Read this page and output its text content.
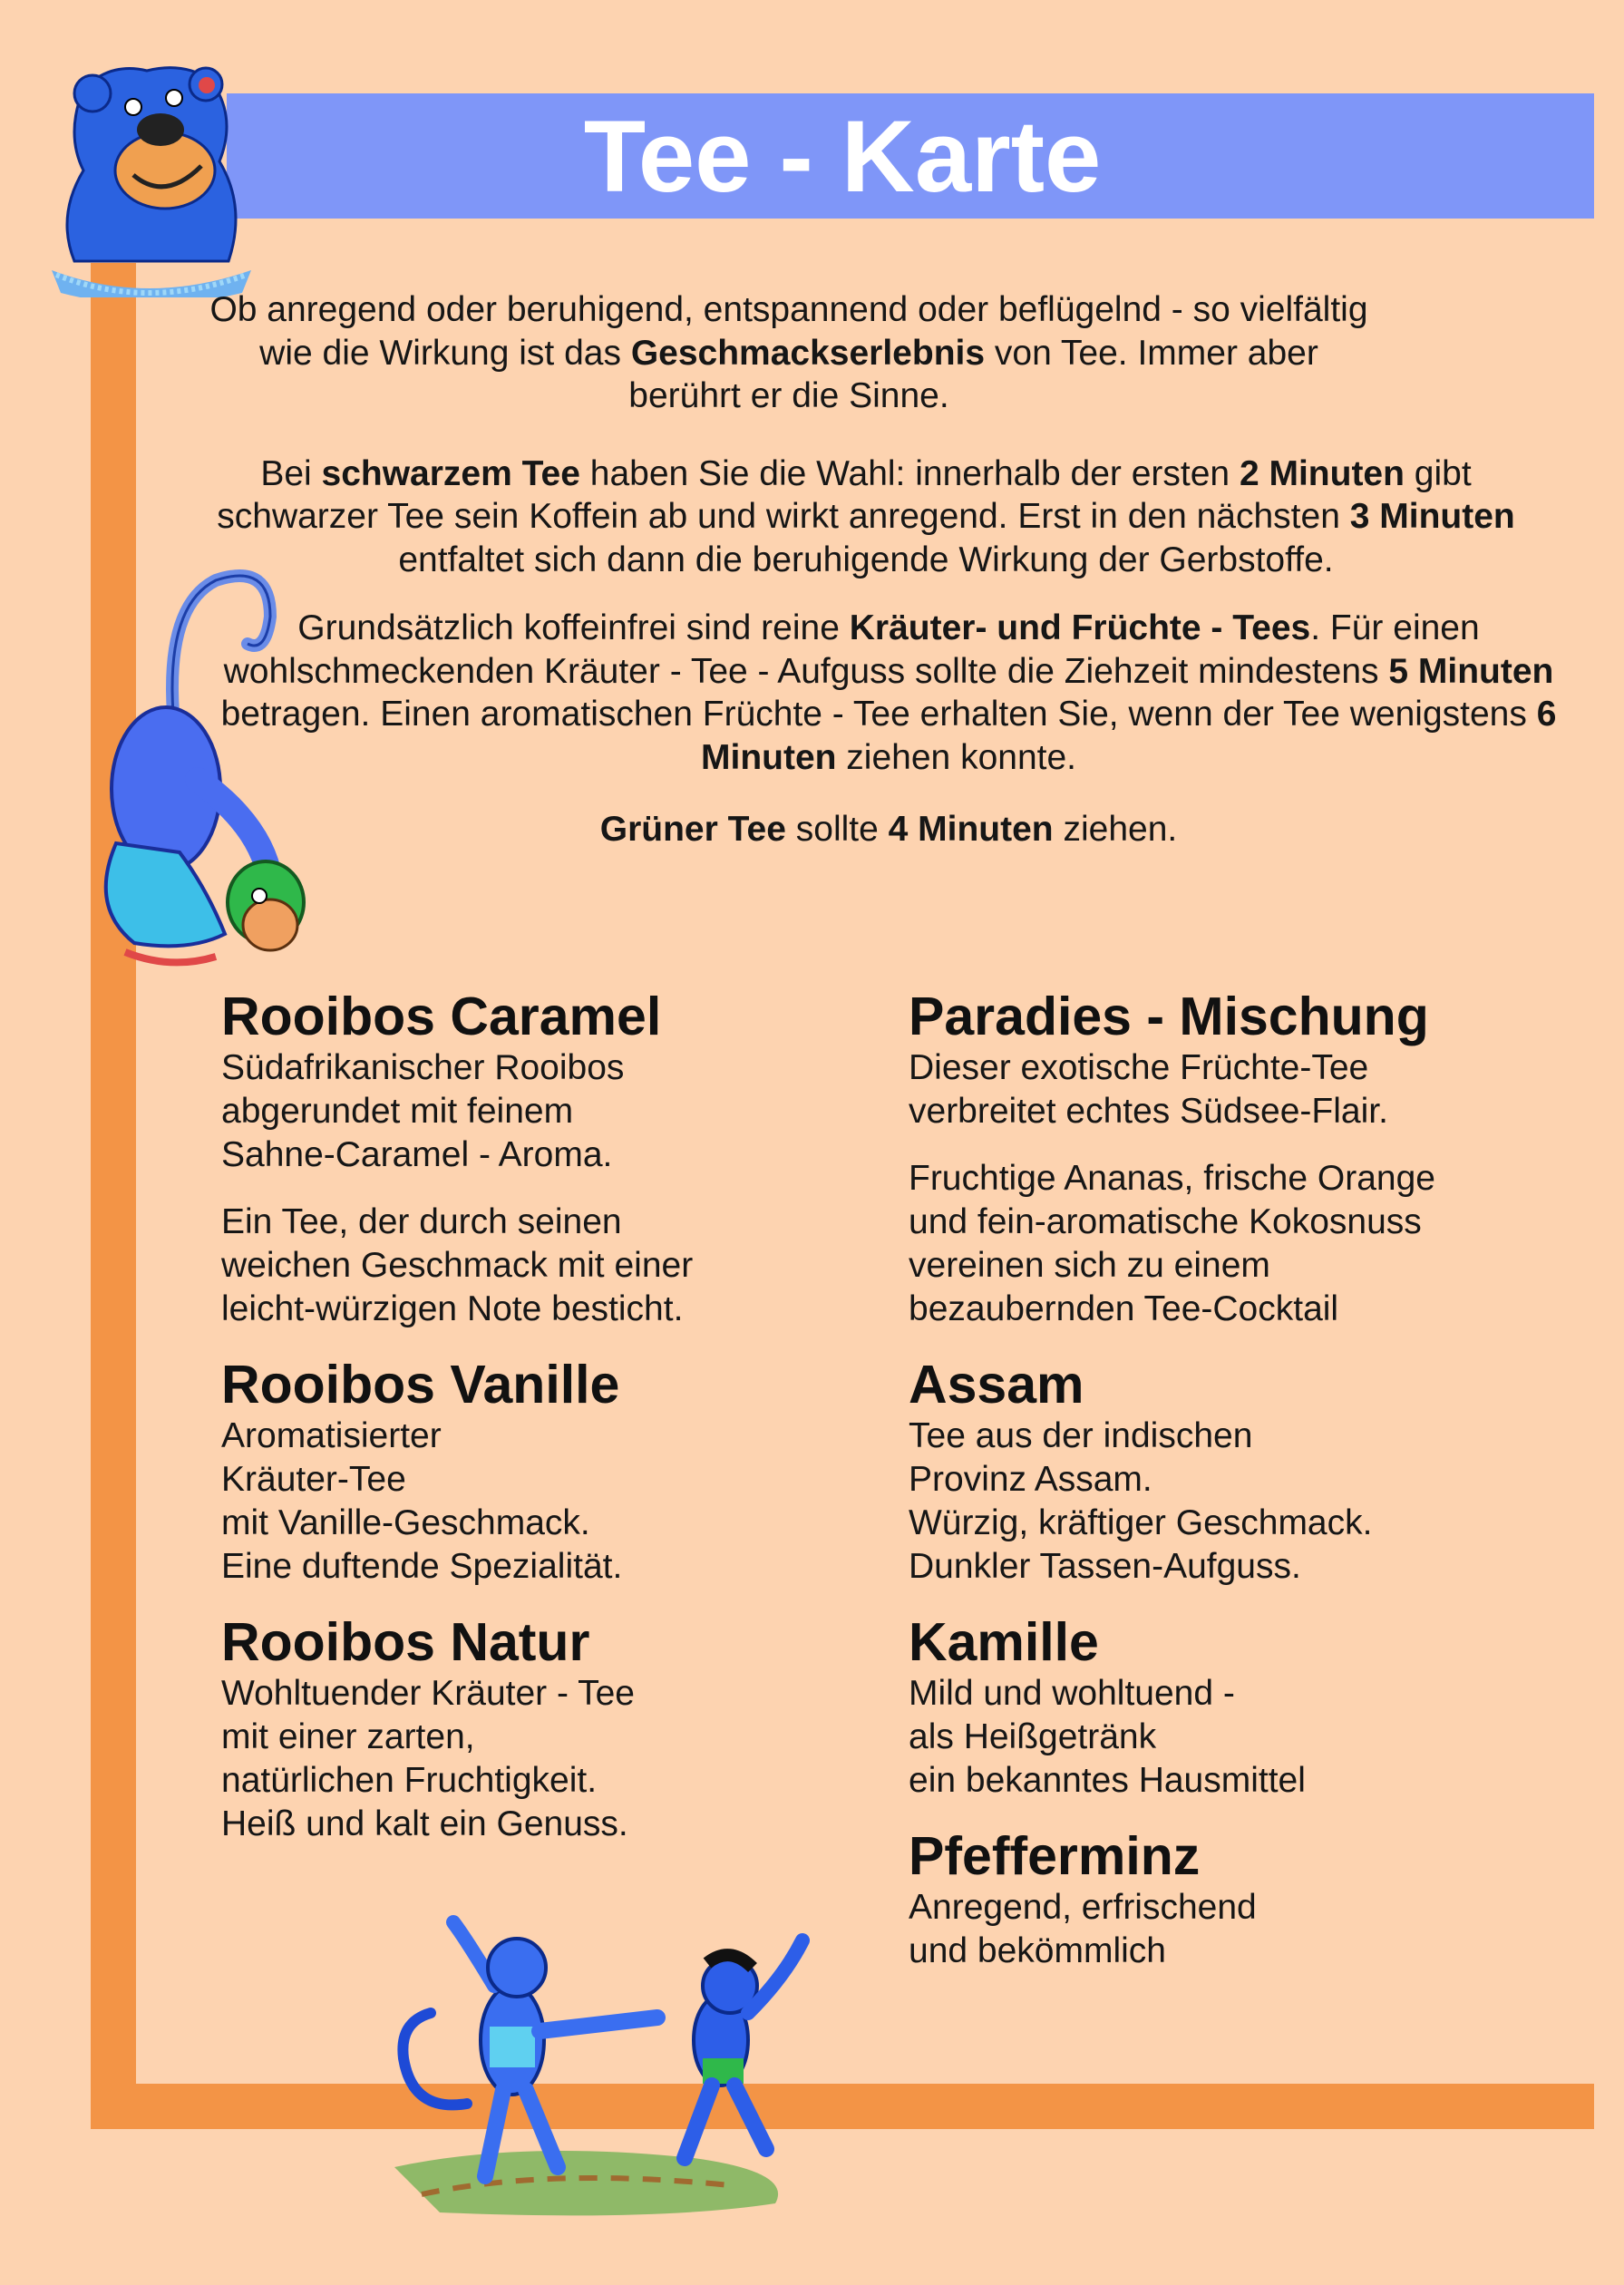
Tee - Karte

Ob anregend oder beruhigend, entspannend oder beflügelnd - so vielfältig wie die Wirkung ist das Geschmackserlebnis von Tee. Immer aber berührt er die Sinne.

Bei schwarzem Tee haben Sie die Wahl: innerhalb der ersten 2 Minuten gibt schwarzer Tee sein Koffein ab und wirkt anregend. Erst in den nächsten 3 Minuten entfaltet sich dann die beruhigende Wirkung der Gerbstoffe.

Grundsätzlich koffeinfrei sind reine Kräuter- und Früchte - Tees. Für einen wohlschmeckenden Kräuter - Tee - Aufguss sollte die Ziehzeit mindestens 5 Minuten betragen. Einen aromatischen Früchte - Tee erhalten Sie, wenn der Tee wenigstens 6 Minuten ziehen konnte.

Grüner Tee sollte 4 Minuten ziehen.

Rooibos Caramel

Südafrikanischer Rooibos
abgerundet mit feinem
Sahne-Caramel - Aroma.

Ein Tee, der durch seinen
weichen Geschmack mit einer
leicht-würzigen Note besticht.

Rooibos Vanille

Aromatisierter
Kräuter-Tee
mit Vanille-Geschmack.
Eine duftende Spezialität.

Rooibos Natur

Wohltuender Kräuter - Tee
mit einer zarten,
natürlichen Fruchtigkeit.
Heiß und kalt ein Genuss.

Paradies - Mischung

Dieser exotische Früchte-Tee
verbreitet echtes Südsee-Flair.

Fruchtige Ananas, frische Orange
und fein-aromatische Kokosnuss
vereinen sich zu einem
bezaubernden Tee-Cocktail

Assam

Tee aus der indischen
Provinz Assam.
Würzig, kräftiger Geschmack.
Dunkler Tassen-Aufguss.

Kamille

Mild und wohltuend -
als Heißgetränk
ein bekanntes Hausmittel

Pfefferminz

Anregend, erfrischend
und bekömmlich
